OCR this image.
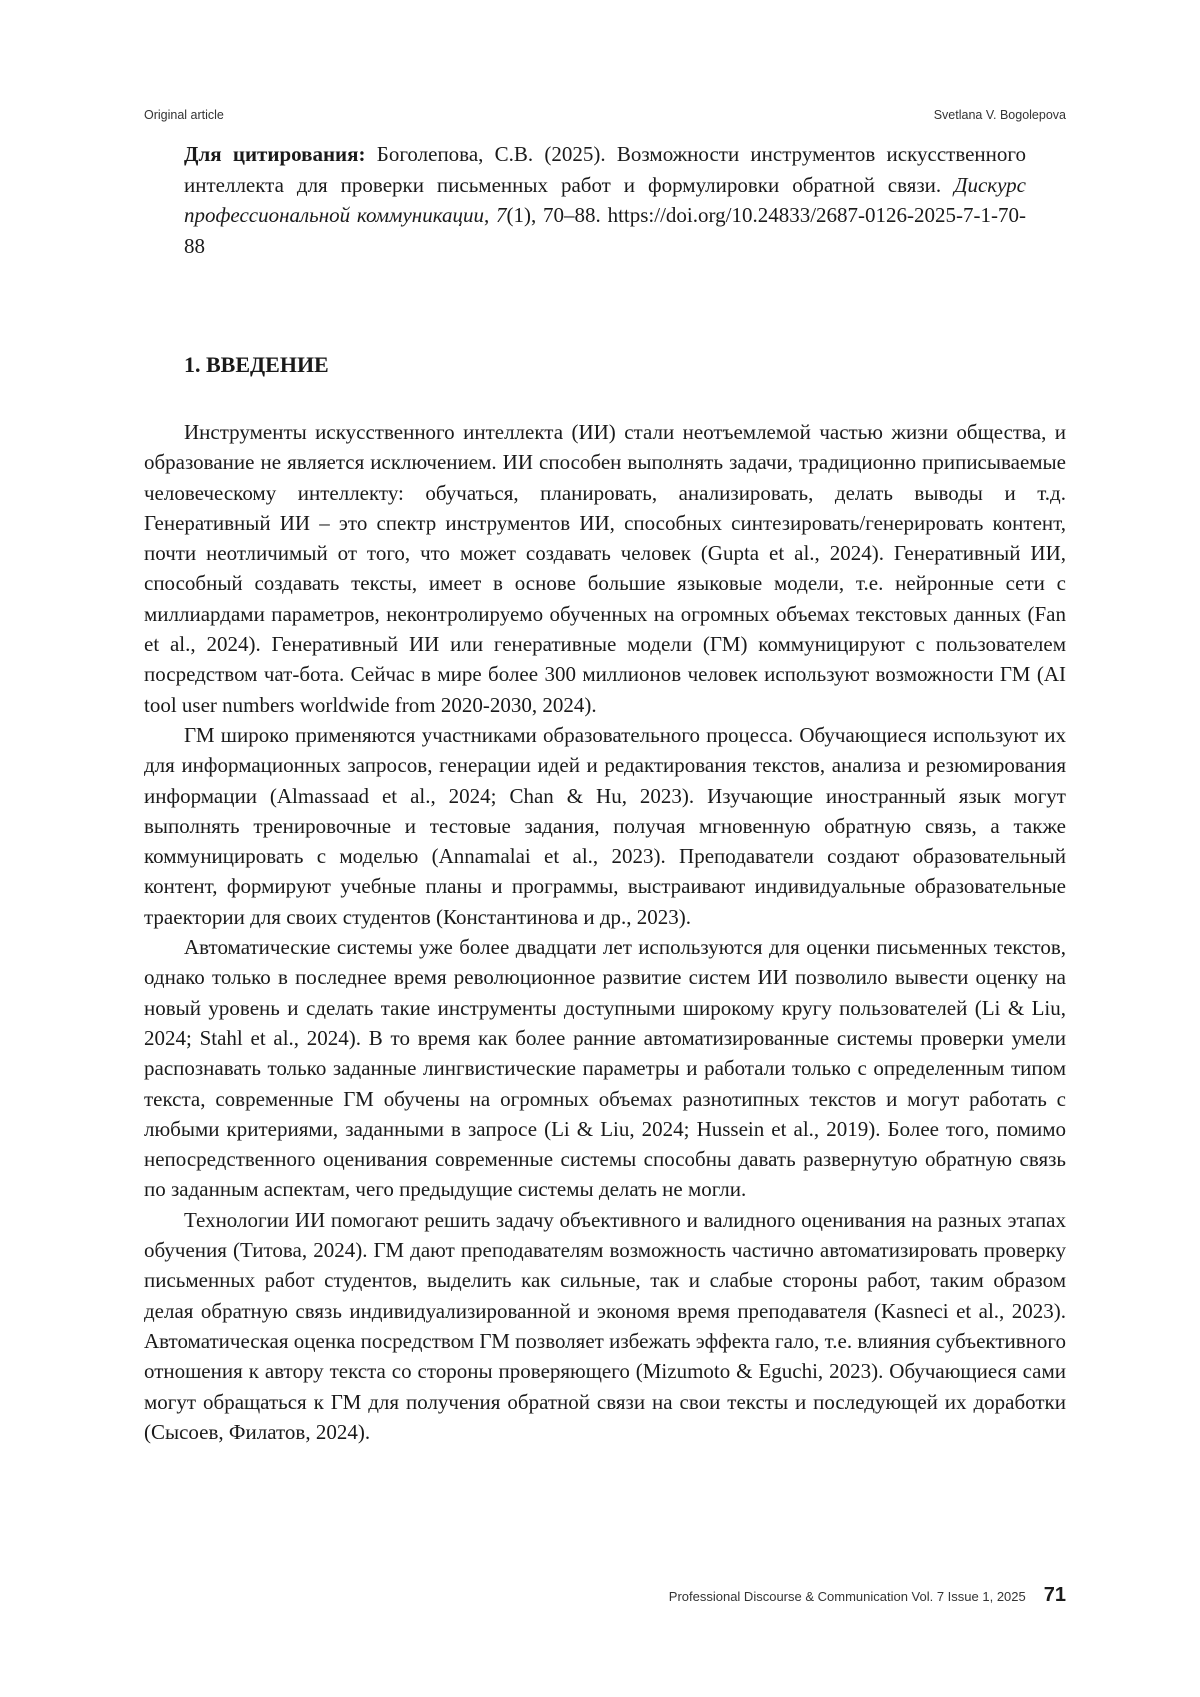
Original article	Svetlana V. Bogolepova
Для цитирования: Боголепова, С.В. (2025). Возможности инструментов искусственного интеллекта для проверки письменных работ и формулировки обратной связи. Дискурс профессиональной коммуникации, 7(1), 70–88. https://doi.org/10.24833/2687-0126-2025-7-1-70-88
1. ВВЕДЕНИЕ

Инструменты искусственного интеллекта (ИИ) стали неотъемлемой частью жизни общества, и образование не является исключением. ИИ способен выполнять задачи, традиционно приписываемые человеческому интеллекту: обучаться, планировать, анализировать, делать выводы и т.д. Генеративный ИИ – это спектр инструментов ИИ, способных синтезировать/генерировать контент, почти неотличимый от того, что может создавать человек (Gupta et al., 2024). Генеративный ИИ, способный создавать тексты, имеет в основе большие языковые модели, т.е. нейронные сети с миллиардами параметров, неконтролируемо обученных на огромных объемах текстовых данных (Fan et al., 2024). Генеративный ИИ или генеративные модели (ГМ) коммуницируют с пользователем посредством чат-бота. Сейчас в мире более 300 миллионов человек используют возможности ГМ (AI tool user numbers worldwide from 2020-2030, 2024).

ГМ широко применяются участниками образовательного процесса. Обучающиеся используют их для информационных запросов, генерации идей и редактирования текстов, анализа и резюмирования информации (Almassaad et al., 2024; Chan & Hu, 2023). Изучающие иностранный язык могут выполнять тренировочные и тестовые задания, получая мгновенную обратную связь, а также коммуницировать с моделью (Annamalai et al., 2023). Преподаватели создают образовательный контент, формируют учебные планы и программы, выстраивают индивидуальные образовательные траектории для своих студентов (Константинова и др., 2023).

Автоматические системы уже более двадцати лет используются для оценки письменных текстов, однако только в последнее время революционное развитие систем ИИ позволило вывести оценку на новый уровень и сделать такие инструменты доступными широкому кругу пользователей (Li & Liu, 2024; Stahl et al., 2024). В то время как более ранние автоматизированные системы проверки умели распознавать только заданные лингвистические параметры и работали только с определенным типом текста, современные ГМ обучены на огромных объемах разнотипных текстов и могут работать с любыми критериями, заданными в запросе (Li & Liu, 2024; Hussein et al., 2019). Более того, помимо непосредственного оценивания современные системы способны давать развернутую обратную связь по заданным аспектам, чего предыдущие системы делать не могли.

Технологии ИИ помогают решить задачу объективного и валидного оценивания на разных этапах обучения (Титова, 2024). ГМ дают преподавателям возможность частично автоматизировать проверку письменных работ студентов, выделить как сильные, так и слабые стороны работ, таким образом делая обратную связь индивидуализированной и экономя время преподавателя (Kasneci et al., 2023). Автоматическая оценка посредством ГМ позволяет избежать эффекта гало, т.е. влияния субъективного отношения к автору текста со стороны проверяющего (Mizumoto & Eguchi, 2023). Обучающиеся сами могут обращаться к ГМ для получения обратной связи на свои тексты и последующей их доработки (Сысоев, Филатов, 2024).

Professional Discourse & Communication Vol. 7 Issue 1, 2025 71
